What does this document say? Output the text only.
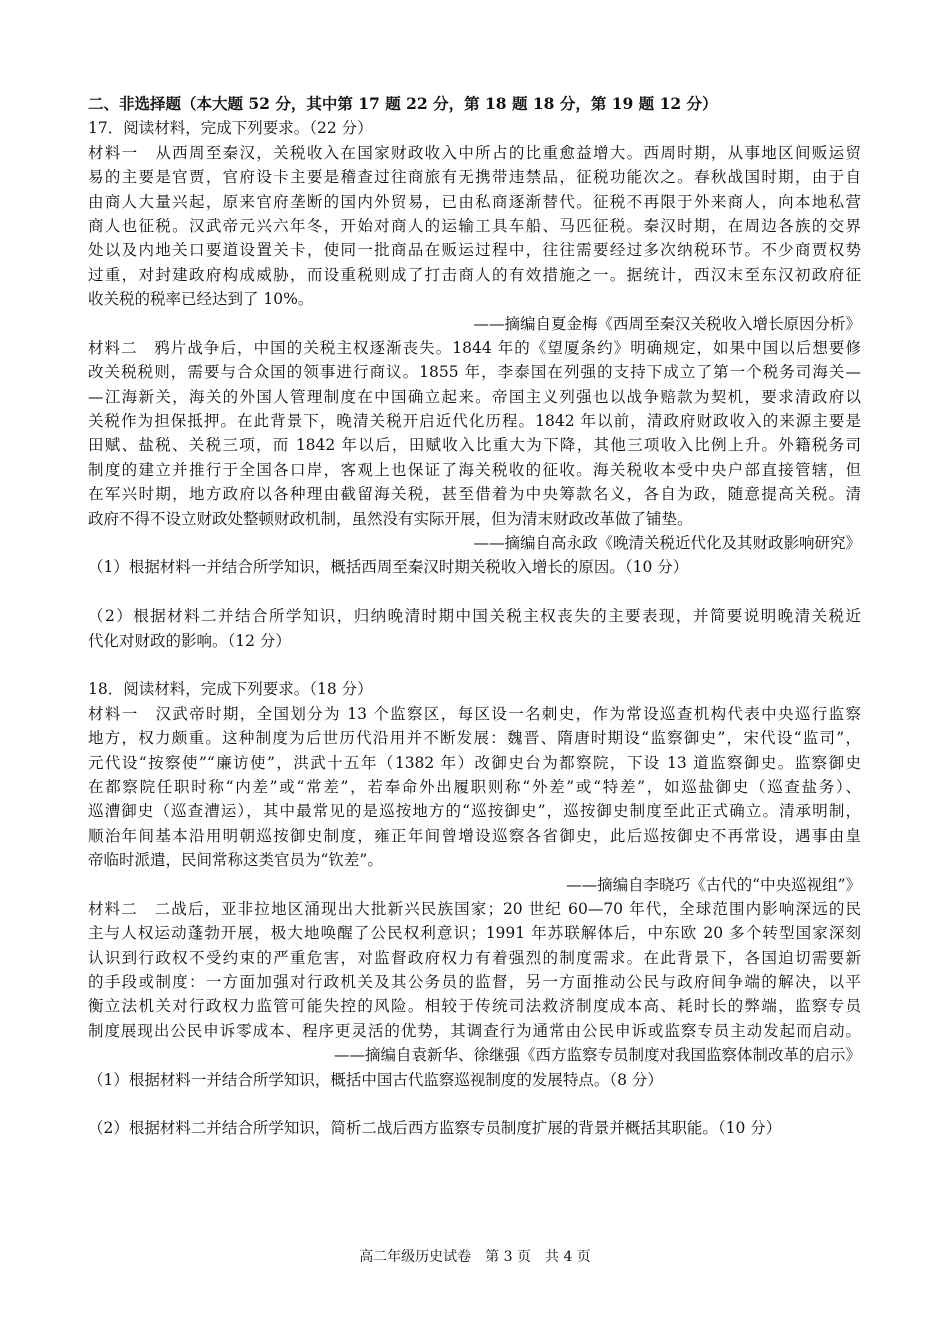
二、非选择题（本大题 52 分，其中第 17 题 22 分，第 18 题 18 分，第 19 题 12 分）
17．阅读材料，完成下列要求。（22 分）
材料一　从西周至秦汉，关税收入在国家财政收入中所占的比重愈益增大。西周时期，从事地区间贩运贸
易的主要是官贾，官府设卡主要是稽查过往商旅有无携带违禁品，征税功能次之。春秋战国时期，由于自
由商人大量兴起，原来官府垄断的国内外贸易，已由私商逐渐替代。征税不再限于外来商人，向本地私营
商人也征税。汉武帝元兴六年冬，开始对商人的运输工具车船、马匹征税。秦汉时期，在周边各族的交界
处以及内地关口要道设置关卡，使同一批商品在贩运过程中，往往需要经过多次纳税环节。不少商贾权势
过重，对封建政府构成威胁，而设重税则成了打击商人的有效措施之一。据统计，西汉末至东汉初政府征
收关税的税率已经达到了 10%。
——摘编自夏金梅《西周至秦汉关税收入增长原因分析》
材料二　鸦片战争后，中国的关税主权逐渐丧失。1844 年的《望厦条约》明确规定，如果中国以后想要修
改关税税则，需要与合众国的领事进行商议。1855 年，李泰国在列强的支持下成立了第一个税务司海关—
—江海新关，海关的外国人管理制度在中国确立起来。帝国主义列强也以战争赔款为契机，要求清政府以
关税作为担保抵押。在此背景下，晚清关税开启近代化历程。1842 年以前，清政府财政收入的来源主要是
田赋、盐税、关税三项，而 1842 年以后，田赋收入比重大为下降，其他三项收入比例上升。外籍税务司
制度的建立并推行于全国各口岸，客观上也保证了海关税收的征收。海关税收本受中央户部直接管辖，但
在军兴时期，地方政府以各种理由截留海关税，甚至借着为中央筹款名义，各自为政，随意提高关税。清
政府不得不设立财政处整顿财政机制，虽然没有实际开展，但为清末财政改革做了铺垫。
——摘编自高永政《晚清关税近代化及其财政影响研究》
（1）根据材料一并结合所学知识，概括西周至秦汉时期关税收入增长的原因。（10 分）
（2）根据材料二并结合所学知识，归纳晚清时期中国关税主权丧失的主要表现，并简要说明晚清关税近
代化对财政的影响。（12 分）
18．阅读材料，完成下列要求。（18 分）
材料一　汉武帝时期，全国划分为 13 个监察区，每区设一名刺史，作为常设巡查机构代表中央巡行监察
地方，权力颇重。这种制度为后世历代沿用并不断发展：魏晋、隋唐时期设“监察御史”，宋代设“监司”，
元代设“按察使”“廉访使”，洪武十五年（1382 年）改御史台为都察院，下设 13 道监察御史。监察御史
在都察院任职时称“内差”或“常差”，若奉命外出履职则称“外差”或“特差”，如巡盐御史（巡查盐务）、
巡漕御史（巡查漕运），其中最常见的是巡按地方的“巡按御史”，巡按御史制度至此正式确立。清承明制，
顺治年间基本沿用明朝巡按御史制度，雍正年间曾增设巡察各省御史，此后巡按御史不再常设，遇事由皇
帝临时派遣，民间常称这类官员为“钦差”。
——摘编自李晓巧《古代的“中央巡视组”》
材料二　二战后，亚非拉地区涌现出大批新兴民族国家；20 世纪 60—70 年代，全球范围内影响深远的民
主与人权运动蓬勃开展，极大地唤醒了公民权利意识；1991 年苏联解体后，中东欧 20 多个转型国家深刻
认识到行政权不受约束的严重危害，对监督政府权力有着强烈的制度需求。在此背景下，各国迫切需要新
的手段或制度：一方面加强对行政机关及其公务员的监督，另一方面推动公民与政府间争端的解决，以平
衡立法机关对行政权力监管可能失控的风险。相较于传统司法救济制度成本高、耗时长的弊端，监察专员
制度展现出公民申诉零成本、程序更灵活的优势，其调查行为通常由公民申诉或监察专员主动发起而启动。
——摘编自袁新华、徐继强《西方监察专员制度对我国监察体制改革的启示》
（1）根据材料一并结合所学知识，概括中国古代监察巡视制度的发展特点。（8 分）
（2）根据材料二并结合所学知识，简析二战后西方监察专员制度扩展的背景并概括其职能。（10 分）
高二年级历史试卷　第 3 页　共 4 页
